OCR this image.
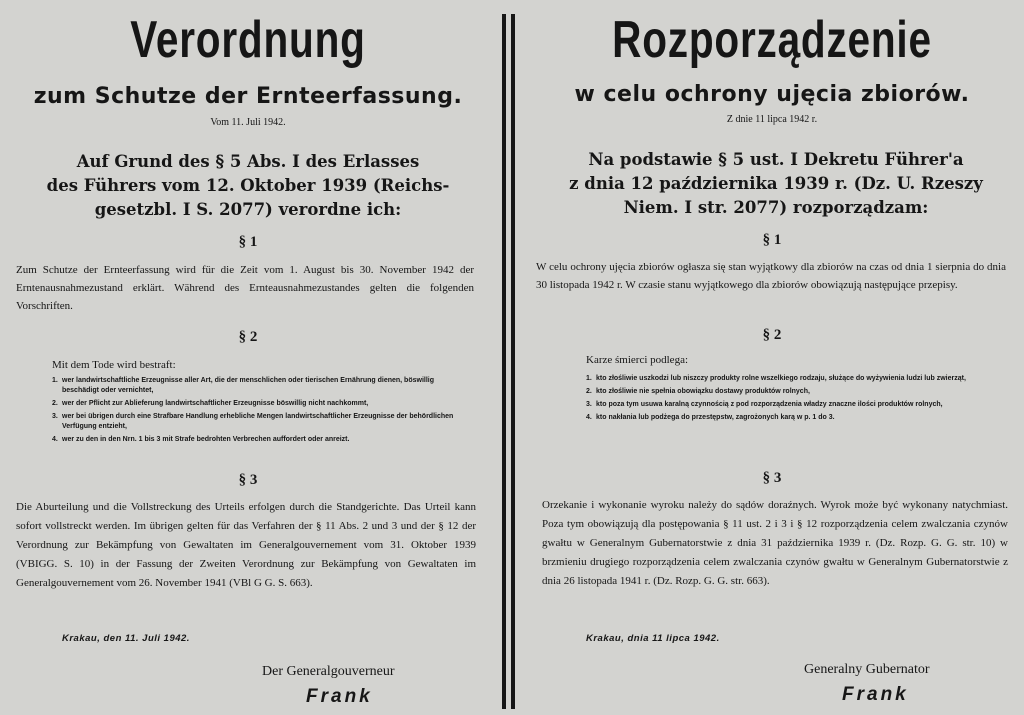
Verordnung
zum Schutze der Ernteerfassung.
Vom 11. Juli 1942.
Auf Grund des § 5 Abs. I des Erlasses
des Führers vom 12. Oktober 1939 (Reichs-
gesetzbl. I S. 2077) verordne ich:
§ 1
Zum Schutze der Ernteerfassung wird für die Zeit vom 1. August bis 30. November 1942 der Erntenausnahmezustand erklärt. Während des Ernteausnahmezustandes gelten die folgenden Vorschriften.
§ 2
Mit dem Tode wird bestraft:
1. wer landwirtschaftliche Erzeugnisse aller Art, die der menschlichen oder tierischen Ernährung dienen, böswillig beschädigt oder vernichtet,
2. wer der Pflicht zur Ablieferung landwirtschaftlicher Erzeugnisse böswillig nicht nachkommt,
3. wer bei übrigen durch eine Strafbare Handlung erhebliche Mengen landwirtschaftlicher Erzeugnisse der behördlichen Verfügung entzieht,
4. wer zu den in den Nrn. 1 bis 3 mit Strafe bedrohten Verbrechen auffordert oder anreizt.
§ 3
Die Aburteilung und die Vollstreckung des Urteils erfolgen durch die Standgerichte. Das Urteil kann sofort vollstreckt werden. Im übrigen gelten für das Verfahren der § 11 Abs. 2 und 3 und der § 12 der Verordnung zur Bekämpfung von Gewaltaten im Generalgouvernement vom 31. Oktober 1939 (VBIGG. S. 10) in der Fassung der Zweiten Verordnung zur Bekämpfung von Gewaltaten im Generalgouvernement vom 26. November 1941 (VBl G G. S. 663).
Krakau, den 11. Juli 1942.
Der Generalgouverneur
Frank
Rozporządzenie
w celu ochrony ujęcia zbiorów.
Z dnie 11 lipca 1942 r.
Na podstawie § 5 ust. I Dekretu Führer'a
z dnia 12 października 1939 r. (Dz. U. Rzeszy
Niem. I str. 2077) rozporządzam:
§ 1
W celu ochrony ujęcia zbiorów ogłasza się stan wyjątkowy dla zbiorów na czas od dnia 1 sierpnia do dnia 30 listopada 1942 r. W czasie stanu wyjątkowego dla zbiorów obowiązują następujące przepisy.
§ 2
Karze śmierci podlega:
1. kto złośliwie uszkodzi lub niszczy produkty rolne wszelkiego rodzaju, służące do wyżywienia ludzi lub zwierząt,
2. kto złośliwie nie spełnia obowiązku dostawy produktów rolnych,
3. kto poza tym usuwa karalną czynnością z pod rozporządzenia władzy znaczne ilości produktów rolnych,
4. kto nakłania lub podżega do przestępstw, zagrożonych karą w p. 1 do 3.
§ 3
Orzekanie i wykonanie wyroku należy do sądów doraźnych. Wyrok może być wykonany natychmiast. Poza tym obowiązują dla postępowania § 11 ust. 2 i 3 i § 12 rozporządzenia celem zwalczania czynów gwałtu w Generalnym Gubernatorstwie z dnia 31 października 1939 r. (Dz. Rozp. G. G. str. 10) w brzmieniu drugiego rozporządzenia celem zwalczania czynów gwałtu w Generalnym Gubernatorstwie z dnia 26 listopada 1941 r. (Dz. Rozp. G. G. str. 663).
Krakau, dnia 11 lipca 1942.
Generalny Gubernator
Frank
